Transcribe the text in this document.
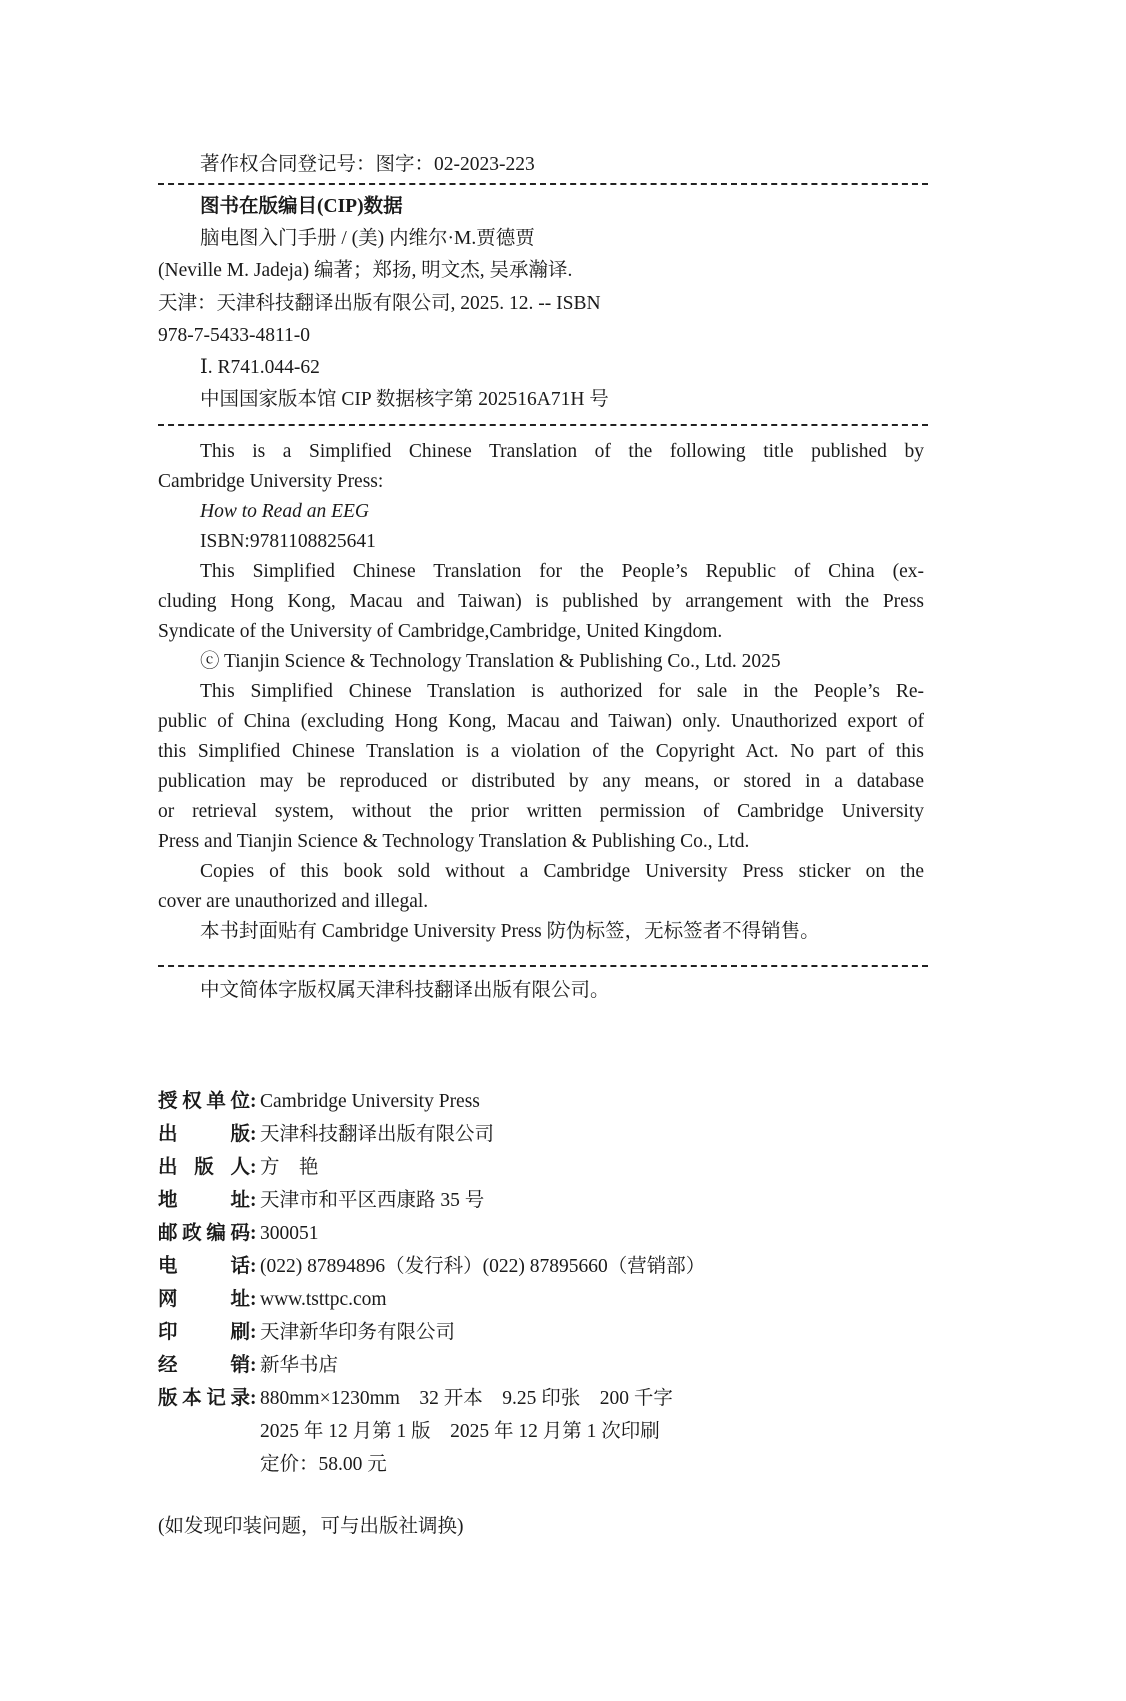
著作权合同登记号：图字：02-2023-223
图书在版编目(CIP)数据
脑电图入门手册 / (美) 内维尔·M.贾德贾
(Neville M. Jadeja) 编著；郑扬, 明文杰, 吴承瀚译.
天津：天津科技翻译出版有限公司, 2025. 12. -- ISBN
978-7-5433-4811-0
Ⅰ. R741.044-62
中国国家版本馆 CIP 数据核字第 202516A71H 号
This is a Simplified Chinese Translation of the following title published by
Cambridge University Press:
How to Read an EEG
ISBN:9781108825641
This Simplified Chinese Translation for the People’s Republic of China (ex-
cluding Hong Kong, Macau and Taiwan) is published by arrangement with the Press
Syndicate of the University of Cambridge,Cambridge, United Kingdom.
ⓒ Tianjin Science & Technology Translation & Publishing Co., Ltd. 2025
This Simplified Chinese Translation is authorized for sale in the People’s Re-
public of China (excluding Hong Kong, Macau and Taiwan) only. Unauthorized export of
this Simplified Chinese Translation is a violation of the Copyright Act. No part of this
publication may be reproduced or distributed by any means, or stored in a database
or retrieval system, without the prior written permission of Cambridge University
Press and Tianjin Science & Technology Translation & Publishing Co., Ltd.
Copies of this book sold without a Cambridge University Press sticker on the
cover are unauthorized and illegal.
本书封面贴有 Cambridge University Press 防伪标签，无标签者不得销售。
中文简体字版权属天津科技翻译出版有限公司。
授权单位: Cambridge University Press
出版: 天津科技翻译出版有限公司
出版人: 方　艳
地址: 天津市和平区西康路 35 号
邮政编码: 300051
电话: (022) 87894896（发行科）(022) 87895660（营销部）
网址: www.tsttpc.com
印刷: 天津新华印务有限公司
经销: 新华书店
版本记录: 880mm×1230mm　32 开本　9.25 印张　200 千字
2025 年 12 月第 1 版　2025 年 12 月第 1 次印刷
定价：58.00 元
(如发现印装问题，可与出版社调换)
